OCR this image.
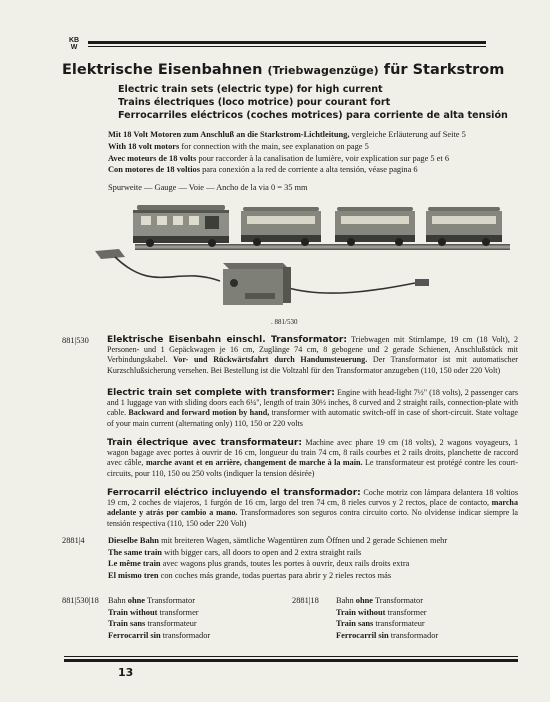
KB
W
Elektrische Eisenbahnen (Triebwagenzüge) für Starkstrom
Electric train sets (electric type) for high current
Trains électriques (loco motrice) pour courant fort
Ferrocarriles eléctricos (coches motrices) para corriente de alta tensión
Mit 18 Volt Motoren zum Anschluß an die Starkstrom-Lichtleitung, vergleiche Erläuterung auf Seite 5
With 18 volt motors for connection with the main, see explanation on page 5
Avec moteurs de 18 volts pour raccorder à la canalisation de lumière, voir explication sur page 5 et 6
Con motores de 18 voltios para conexión a la red de corriente a alta tensión, véase pagina 6
Spurweite — Gauge — Voie — Ancho de la via 0 = 35 mm
. 881/530
881|530 Elektrische Eisenbahn einschl. Transformator: Triebwagen mit Stirnlampe, 19 cm (18 Volt), 2 Personen- und 1 Gepäckwagen je 16 cm, Zuglänge 74 cm, 8 gebogene und 2 gerade Schienen, Anschlußstück mit Verbindungskabel. Vor- und Rückwärtsfahrt durch Handumsteuerung. Der Transformator ist mit automatischer Kurzschlußsicherung versehen. Bei Bestellung ist die Voltzahl für den Transformator anzugeben (110, 150 oder 220 Volt)
Electric train set complete with transformer: Engine with head-light 7½" (18 volts), 2 passenger cars and 1 luggage van with sliding doors each 6¼", length of train 30½ inches, 8 curved and 2 straight rails, connection-plate with cable. Backward and forward motion by hand, transformer with automatic switch-off in case of short-circuit. State voltage of your main current (alternating only) 110, 150 or 220 volts
Train électrique avec transformateur: Machine avec phare 19 cm (18 volts), 2 wagons voyageurs, 1 wagon bagage avec portes à ouvrir de 16 cm, longueur du train 74 cm, 8 rails courbes et 2 rails droits, planchette de raccord avec câble, marche avant et en arrière, changement de marche à la main. Le transformateur est protégé contre les court-circuits, pour 110, 150 ou 250 volts (indiquer la tension désirée)
Ferrocarril eléctrico incluyendo el transformador: Coche motriz con lámpara delantera 18 voltios 19 cm, 2 coches de viajeros, 1 furgón de 16 cm, largo del tren 74 cm, 8 rieles curvos y 2 rectos, place de contacto, marcha adelante y atrás por cambio a mano. Transformadores son seguros contra circuito corto. No olvidense indicar siempre la tensión respectiva (110, 150 oder 220 Volt)
2881|4	Dieselbe Bahn mit breiteren Wagen, sämtliche Wagentüren zum Öffnen und 2 gerade Schienen mehr
The same train with bigger cars, all doors to open and 2 extra straight rails
Le même train avec wagons plus grands, toutes les portes à ouvrir, deux rails droits extra
El mismo tren con coches más grande, todas puertas para abrir y 2 rieles rectos más
881|530|18 Bahn ohne Transformator
Train without transformer
Train sans transformateur
Ferrocarril sin transformador
2881|18 Bahn ohne Transformator
Train without transformer
Train sans transformateur
Ferrocarril sin transformador
13
